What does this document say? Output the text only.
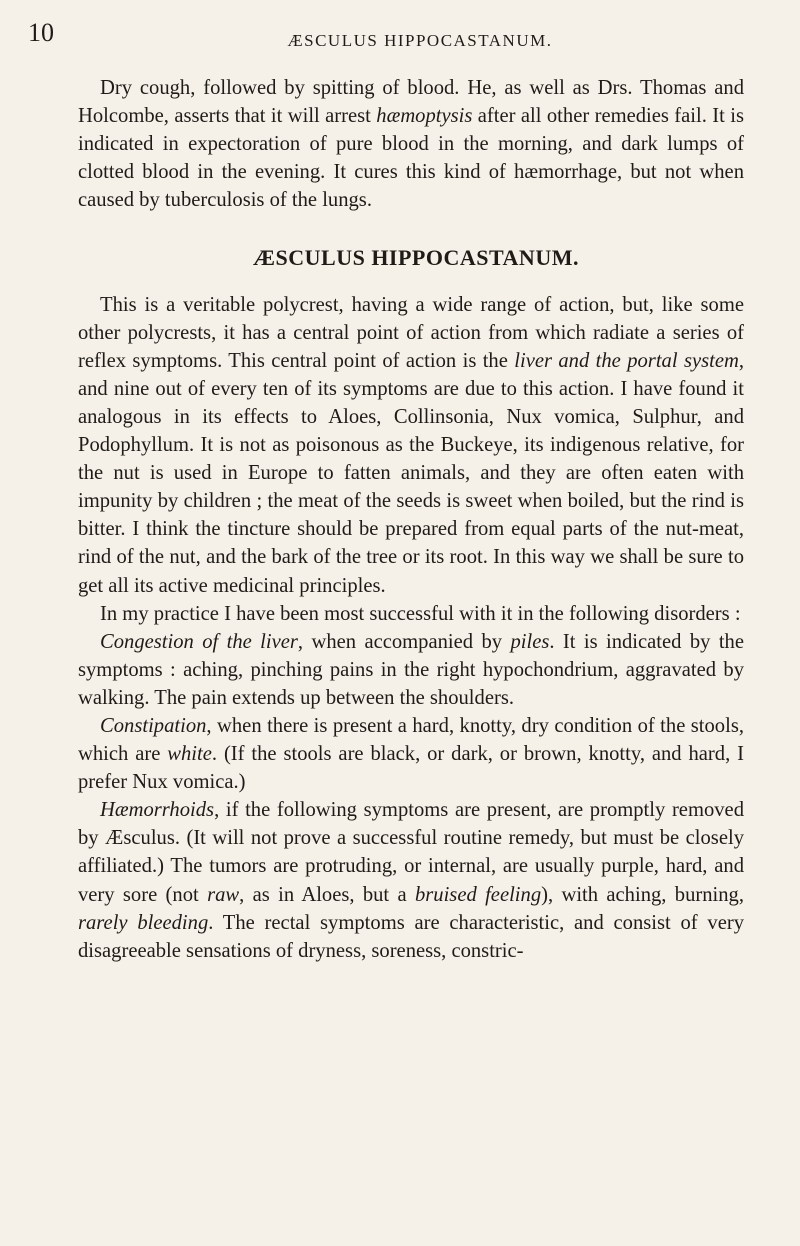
10	ÆSCULUS HIPPOCASTANUM.

Dry cough, followed by spitting of blood. He, as well as Drs. Thomas and Holcombe, asserts that it will arrest hæmoptysis after all other remedies fail. It is indicated in expectoration of pure blood in the morning, and dark lumps of clotted blood in the evening. It cures this kind of hæmorrhage, but not when caused by tuberculosis of the lungs.

ÆSCULUS HIPPOCASTANUM.

This is a veritable polycrest, having a wide range of action, but, like some other polycrests, it has a central point of action from which radiate a series of reflex symptoms. This central point of action is the liver and the portal system, and nine out of every ten of its symptoms are due to this action. I have found it analogous in its effects to Aloes, Collinsonia, Nux vomica, Sulphur, and Podophyllum. It is not as poisonous as the Buckeye, its indigenous relative, for the nut is used in Europe to fatten animals, and they are often eaten with impunity by children ; the meat of the seeds is sweet when boiled, but the rind is bitter. I think the tincture should be prepared from equal parts of the nut-meat, rind of the nut, and the bark of the tree or its root. In this way we shall be sure to get all its active medicinal principles.

In my practice I have been most successful with it in the following disorders :

Congestion of the liver, when accompanied by piles. It is indicated by the symptoms : aching, pinching pains in the right hypochondrium, aggravated by walking. The pain extends up between the shoulders.

Constipation, when there is present a hard, knotty, dry condition of the stools, which are white. (If the stools are black, or dark, or brown, knotty, and hard, I prefer Nux vomica.)

Hæmorrhoids, if the following symptoms are present, are promptly removed by Æsculus. (It will not prove a successful routine remedy, but must be closely affiliated.) The tumors are protruding, or internal, are usually purple, hard, and very sore (not raw, as in Aloes, but a bruised feeling), with aching, burning, rarely bleeding. The rectal symptoms are characteristic, and consist of very disagreeable sensations of dryness, soreness, constric-
